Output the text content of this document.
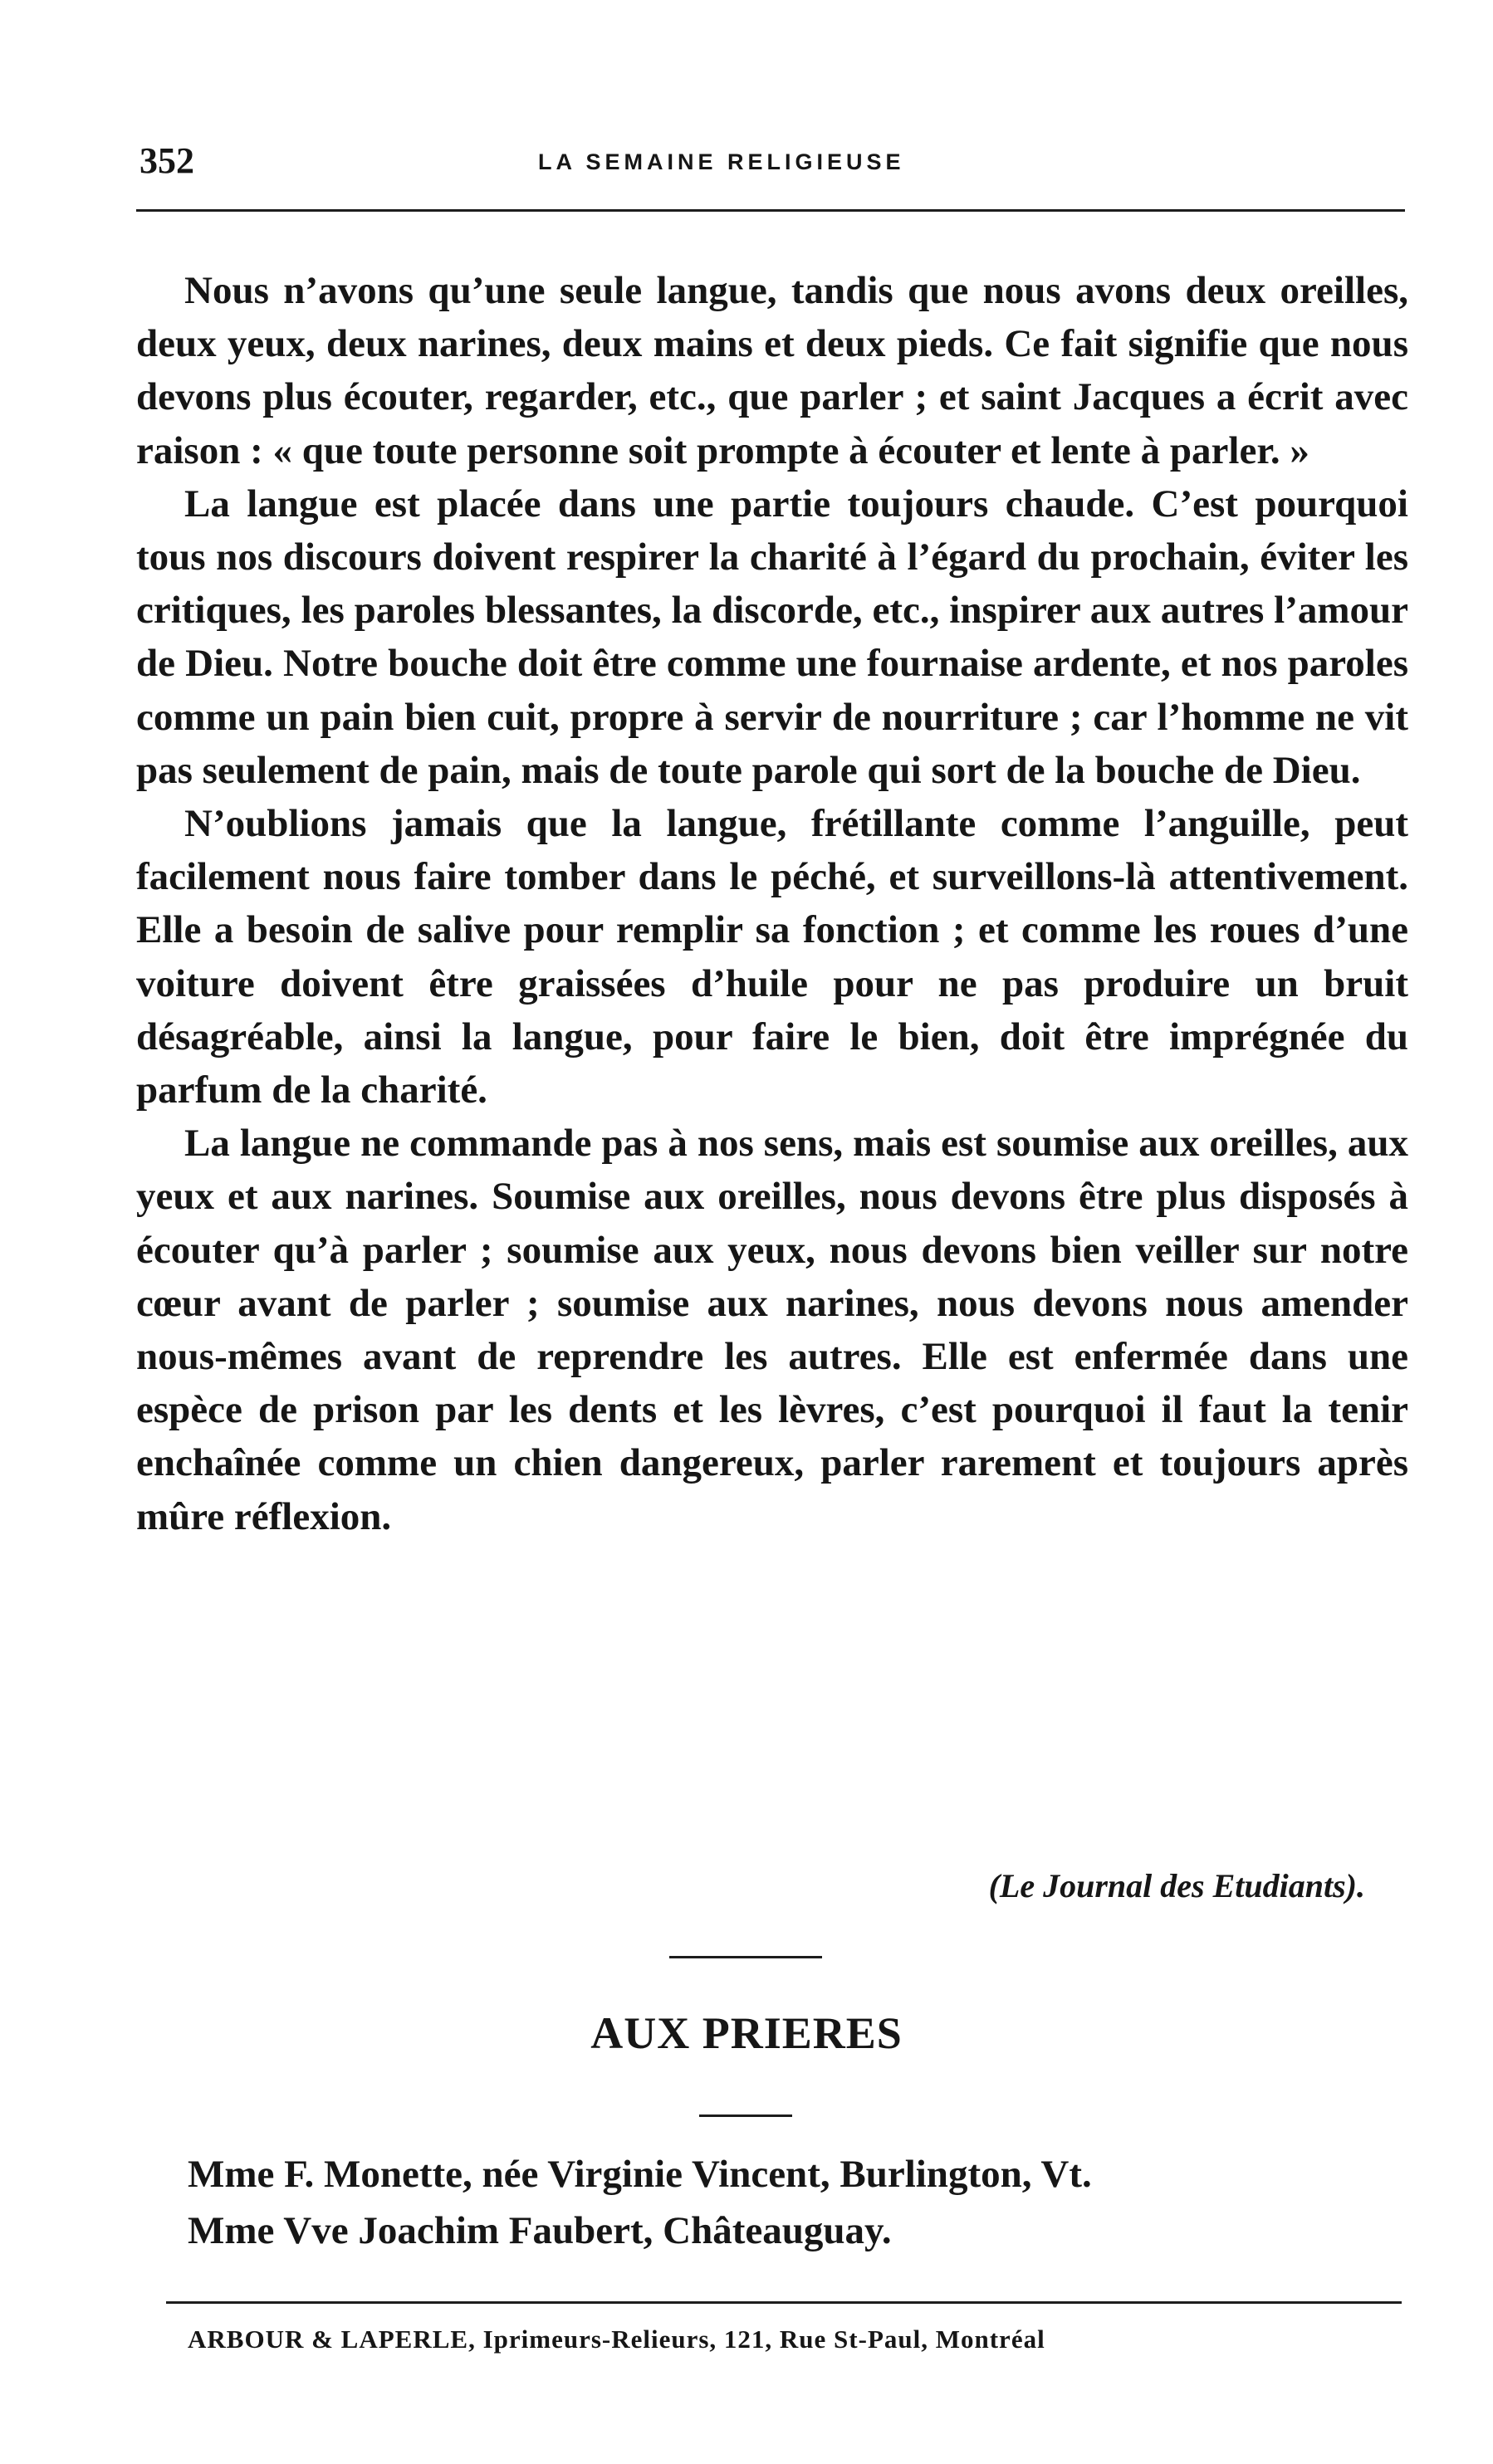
352	LA SEMAINE RELIGIEUSE

Nous n’avons qu’une seule langue, tandis que nous avons deux oreilles, deux yeux, deux narines, deux mains et deux pieds. Ce fait signifie que nous devons plus écouter, regarder, etc., que parler ; et saint Jacques a écrit avec raison : « que toute personne soit prompte à écouter et lente à parler. »

La langue est placée dans une partie toujours chaude. C’est pourquoi tous nos discours doivent respirer la charité à l’égard du prochain, éviter les critiques, les paroles blessantes, la discorde, etc., inspirer aux autres l’amour de Dieu. Notre bouche doit être comme une fournaise ardente, et nos paroles comme un pain bien cuit, propre à servir de nourriture ; car l’homme ne vit pas seulement de pain, mais de toute parole qui sort de la bouche de Dieu.

N’oublions jamais que la langue, frétillante comme l’anguille, peut facilement nous faire tomber dans le péché, et surveillons-là attentivement. Elle a besoin de salive pour remplir sa fonction ; et comme les roues d’une voiture doivent être graissées d’huile pour ne pas produire un bruit désagréable, ainsi la langue, pour faire le bien, doit être imprégnée du parfum de la charité.

La langue ne commande pas à nos sens, mais est soumise aux oreilles, aux yeux et aux narines. Soumise aux oreilles, nous devons être plus disposés à écouter qu’à parler ; soumise aux yeux, nous devons bien veiller sur notre cœur avant de parler ; soumise aux narines, nous devons nous amender nous-mêmes avant de reprendre les autres. Elle est enfermée dans une espèce de prison par les dents et les lèvres, c’est pourquoi il faut la tenir enchaînée comme un chien dangereux, parler rarement et toujours après mûre réflexion.

(Le Journal des Etudiants).
AUX PRIERES
Mme F. Monette, née Virginie Vincent, Burlington, Vt.
Mme Vve Joachim Faubert, Châteauguay.
ARBOUR & LAPERLE, Iprimeurs-Relieurs, 121, Rue St-Paul, Montréal
